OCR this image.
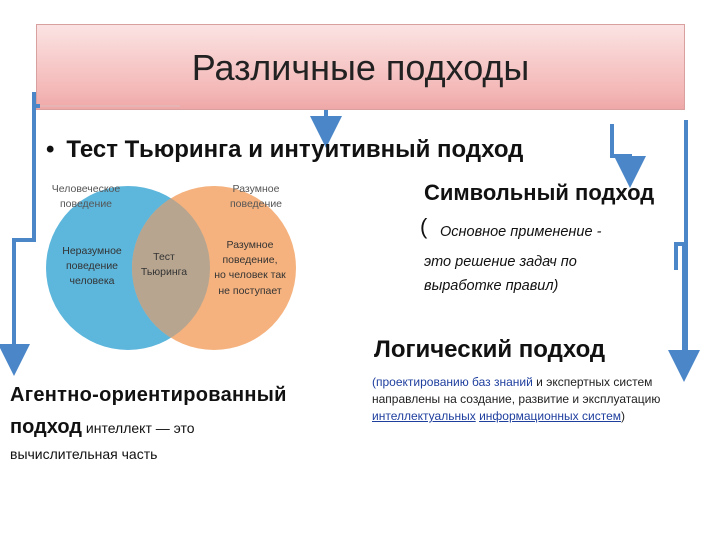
Различные подходы
• Тест Тьюринга и интуитивный подход
Человеческое
поведение
Разумное
поведение
Неразумное
поведение
человека
Тест
Тьюринга
Разумное
поведение,
но человек так
не поступает
Символьный подход
( Основное применение -
это решение задач по выработке правил)
Логический подход
(проектированию баз знаний и экспертных систем направлены на создание, развитие и эксплуатацию интеллектуальных информационных систем)
Агентно-ориентированный
подход интеллект — это
вычислительная часть
